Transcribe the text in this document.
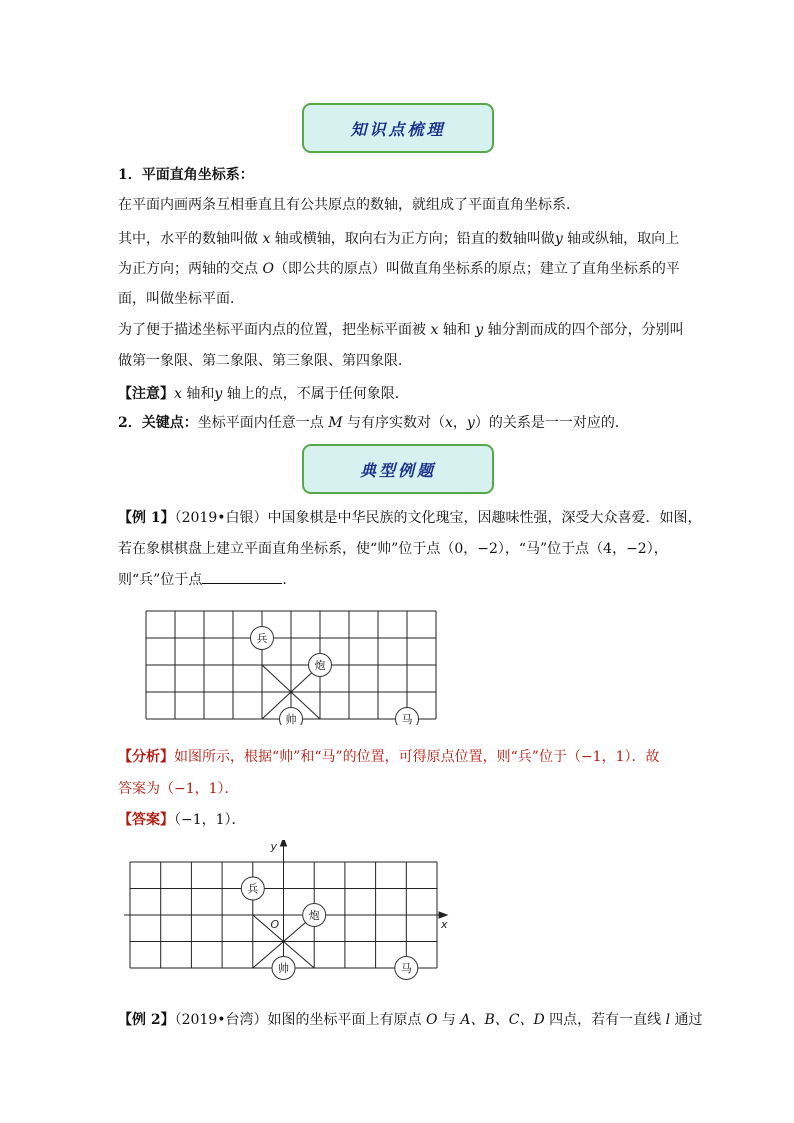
知识点梳理
1．平面直角坐标系：
在平面内画两条互相垂直且有公共原点的数轴，就组成了平面直角坐标系．
其中，水平的数轴叫做 x 轴或横轴，取向右为正方向；铅直的数轴叫做y 轴或纵轴，取向上
为正方向；两轴的交点 O（即公共的原点）叫做直角坐标系的原点；建立了直角坐标系的平
面，叫做坐标平面．
为了便于描述坐标平面内点的位置，把坐标平面被 x 轴和 y 轴分割而成的四个部分，分别叫
做第一象限、第二象限、第三象限、第四象限．
【注意】x 轴和y 轴上的点，不属于任何象限．
2．关键点：坐标平面内任意一点 M 与有序实数对（x，y）的关系是一一对应的．
典型例题
【例 1】（2019•白银）中国象棋是中华民族的文化瑰宝，因趣味性强，深受大众喜爱．如图，
若在象棋棋盘上建立平面直角坐标系，使“帅”位于点（0，−2），“马”位于点（4，−2），
则“兵”位于点	．
兵
炮
帅	马
【分析】如图所示，根据“帅”和“马”的位置，可得原点位置，则“兵”位于（−1，1）．故
答案为（−1，1）．
【答案】（−1，1）．
x
y
O
兵
炮
帅	马
【例 2】（2019•台湾）如图的坐标平面上有原点 O 与 A、B、C、D 四点，若有一直线 l 通过
